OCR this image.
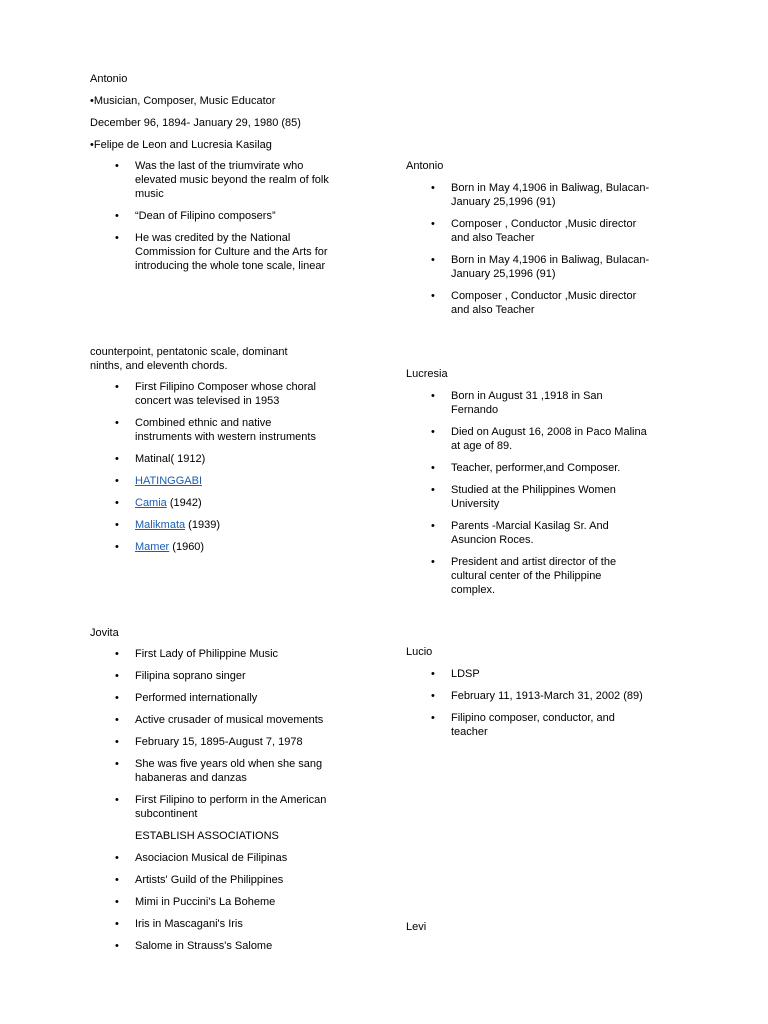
Antonio
•Musician, Composer, Music Educator
December 96, 1894- January 29, 1980 (85)
•Felipe de Leon and Lucresia Kasilag
• Was the last of the triumvirate who
elevated music beyond the realm of folk
music
• “Dean of Filipino composers”
• He was credited by the National
Commission for Culture and the Arts for
introducing the whole tone scale, linear
counterpoint, pentatonic scale, dominant
ninths, and eleventh chords.
• First Filipino Composer whose choral
concert was televised in 1953
• Combined ethnic and native
instruments with western instruments
• Matinal( 1912)
• HATINGGABI
• Camia (1942)
• Malikmata (1939)
• Mamer (1960)
Jovita
• First Lady of Philippine Music
• Filipina soprano singer
• Performed internationally
• Active crusader of musical movements
• February 15, 1895-August 7, 1978
• She was five years old when she sang
habaneras and danzas
• First Filipino to perform in the American
subcontinent
ESTABLISH ASSOCIATIONS
• Asociacion Musical de Filipinas
• Artists' Guild of the Philippines
• Mimi in Puccini's La Boheme
• Iris in Mascagani's Iris
• Salome in Strauss's Salome
Antonio
• Born in May 4,1906 in Baliwag, Bulacan-
January 25,1996 (91)
• Composer , Conductor ,Music director
and also Teacher
• Born in May 4,1906 in Baliwag, Bulacan-
January 25,1996 (91)
• Composer , Conductor ,Music director
and also Teacher
Lucresia
• Born in August 31 ,1918 in San
Fernando
• Died on August 16, 2008 in Paco Malina
at age of 89.
• Teacher, performer,and Composer.
• Studied at the Philippines Women
University
• Parents -Marcial Kasilag Sr. And
Asuncion Roces.
• President and artist director of the
cultural center of the Philippine
complex.
Lucio
• LDSP
• February 11, 1913-March 31, 2002 (89)
• Filipino composer, conductor, and
teacher
Levi
